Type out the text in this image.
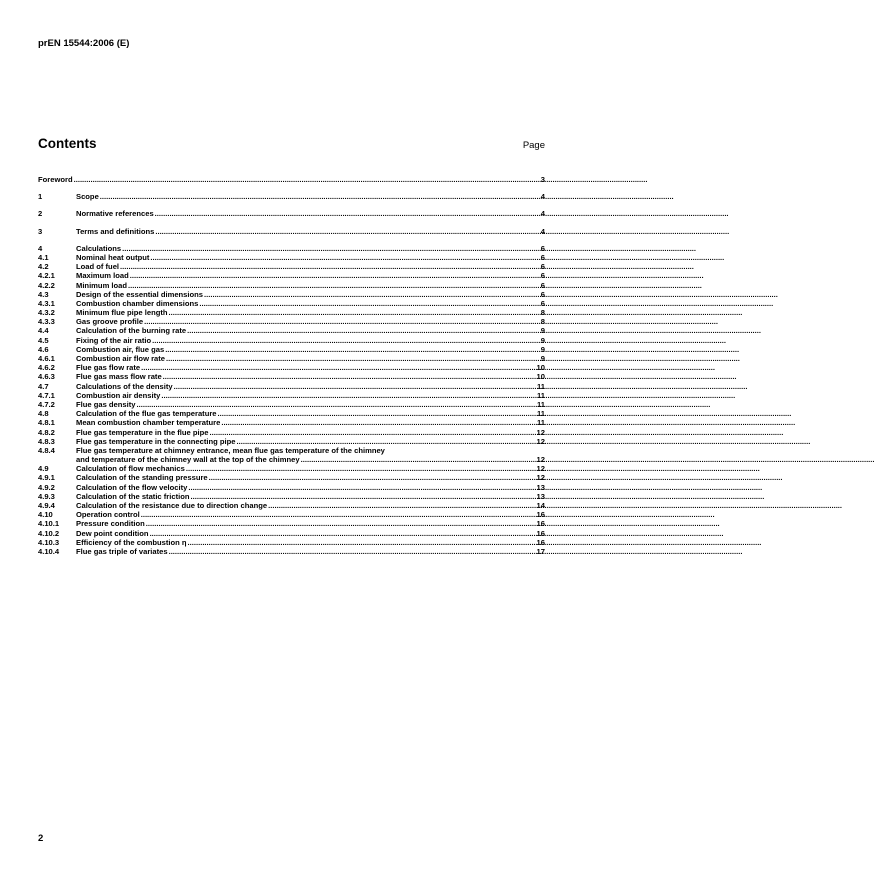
prEN 15544:2006 (E)
Contents	Page
Foreword .....	3
1	Scope .....	4
2	Normative references .....	4
3	Terms and definitions .....	4
4	Calculations .....	6
4.1	Nominal heat output .....	6
4.2	Load of fuel .....	6
4.2.1	Maximum load .....	6
4.2.2	Minimum load .....	6
4.3	Design of the essential dimensions .....	6
4.3.1	Combustion chamber dimensions .....	6
4.3.2	Minimum flue pipe length .....	8
4.3.3	Gas groove profile .....	8
4.4	Calculation of the burning rate .....	9
4.5	Fixing of the air ratio .....	9
4.6	Combustion air, flue gas .....	9
4.6.1	Combustion air flow rate .....	9
4.6.2	Flue gas flow rate .....	10
4.6.3	Flue gas mass flow rate .....	10
4.7	Calculations of the density .....	11
4.7.1	Combustion air density .....	11
4.7.2	Flue gas density .....	11
4.8	Calculation of the flue gas temperature .....	11
4.8.1	Mean combustion chamber temperature .....	11
4.8.2	Flue gas temperature in the flue pipe .....	12
4.8.3	Flue gas temperature in the connecting pipe .....	12
4.8.4	Flue gas temperature at chimney entrance, mean flue gas temperature of the chimney
and temperature of the chimney wall at the top of the chimney .....	12
4.9	Calculation of flow mechanics .....	12
4.9.1	Calculation of the standing pressure .....	12
4.9.2	Calculation of the flow velocity .....	13
4.9.3	Calculation of the static friction .....	13
4.9.4	Calculation of the resistance due to direction change .....	14
4.10	Operation control .....	16
4.10.1	Pressure condition .....	16
4.10.2	Dew point condition .....	16
4.10.3	Efficiency of the combustion η .....	16
4.10.4	Flue gas triple of variates .....	17
2
